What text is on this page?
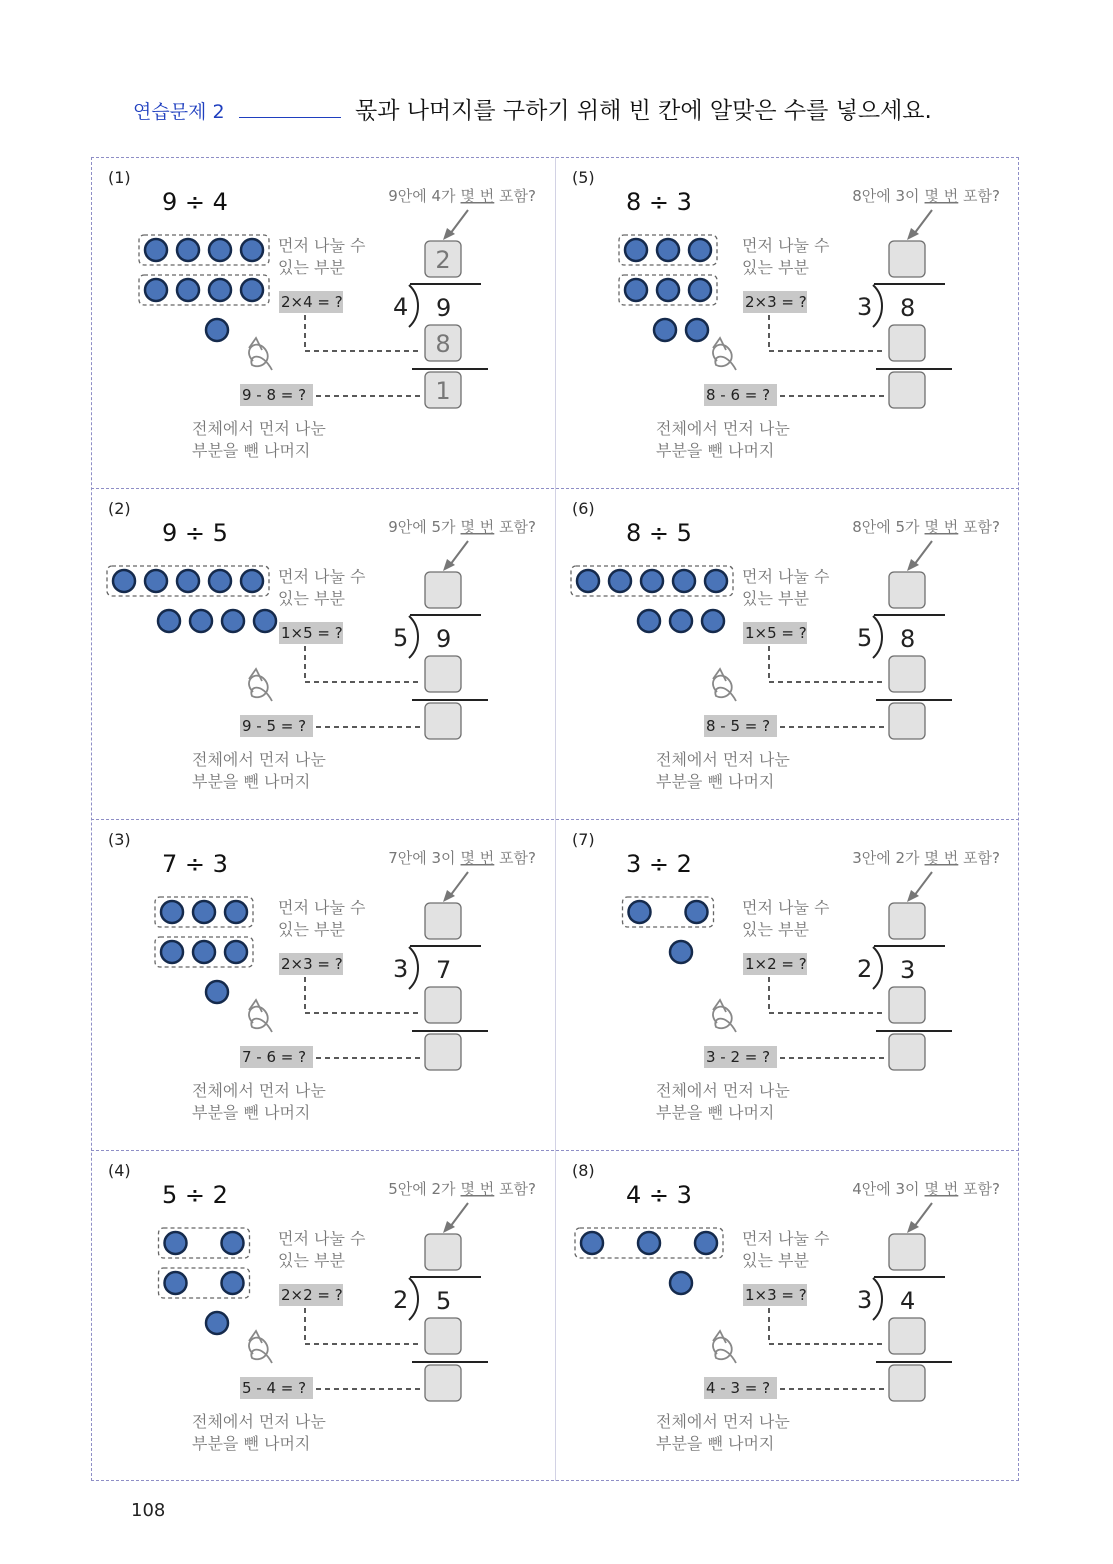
연습문제 2	몫과 나머지를 구하기 위해 빈 칸에 알맞은 수를 넣으세요.
(1)
9 ÷ 4	9안에 4가 몇 번 포함?
먼저 나눌 수
있는 부분
전체에서 먼저 나눈
부분을 뺀 나머지
2×4 = ?
9 - 8 = ?
4 9
2
8
1
(2)
9 ÷ 5	9안에 5가 몇 번 포함?
먼저 나눌 수
있는 부분
전체에서 먼저 나눈
부분을 뺀 나머지
1×5 = ?
9 - 5 = ?
5 9
(3)
7 ÷ 3	7안에 3이 몇 번 포함?
먼저 나눌 수
있는 부분
전체에서 먼저 나눈
부분을 뺀 나머지
2×3 = ?
7 - 6 = ?
3 7
(4)
5 ÷ 2	5안에 2가 몇 번 포함?
먼저 나눌 수
있는 부분
전체에서 먼저 나눈
부분을 뺀 나머지
2×2 = ?
5 - 4 = ?
2 5
(5)
8 ÷ 3	8안에 3이 몇 번 포함?
먼저 나눌 수
있는 부분
전체에서 먼저 나눈
부분을 뺀 나머지
2×3 = ?
8 - 6 = ?
3 8
(6)
8 ÷ 5	8안에 5가 몇 번 포함?
먼저 나눌 수
있는 부분
전체에서 먼저 나눈
부분을 뺀 나머지
1×5 = ?
8 - 5 = ?
5 8
(7)
3 ÷ 2	3안에 2가 몇 번 포함?
먼저 나눌 수
있는 부분
전체에서 먼저 나눈
부분을 뺀 나머지
1×2 = ?
3 - 2 = ?
2 3
(8)
4 ÷ 3	4안에 3이 몇 번 포함?
먼저 나눌 수
있는 부분
전체에서 먼저 나눈
부분을 뺀 나머지
1×3 = ?
4 - 3 = ?
3 4
108
